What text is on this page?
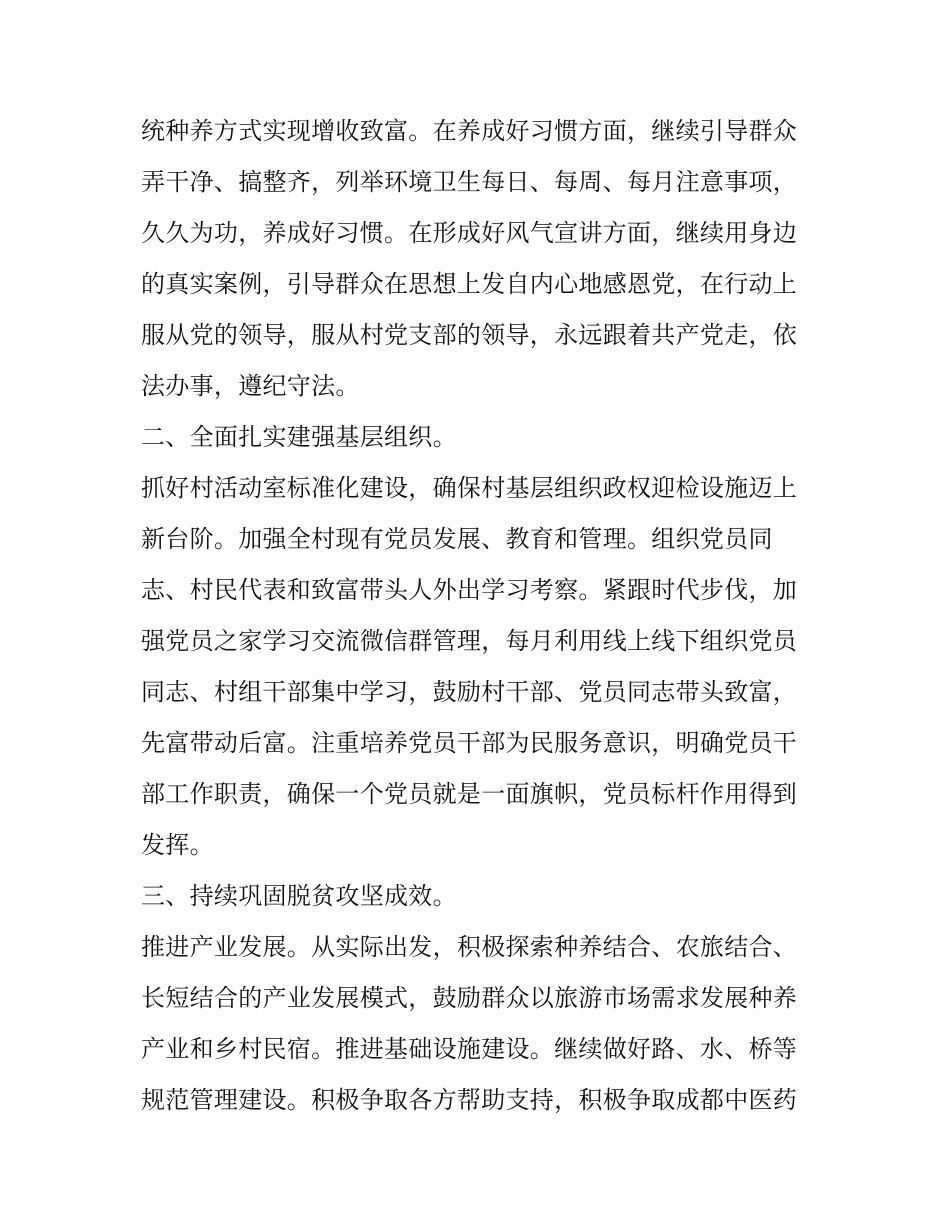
统种养方式实现增收致富。在养成好习惯方面，继续引导群众
弄干净、搞整齐，列举环境卫生每日、每周、每月注意事项，
久久为功，养成好习惯。在形成好风气宣讲方面，继续用身边
的真实案例，引导群众在思想上发自内心地感恩党，在行动上
服从党的领导，服从村党支部的领导，永远跟着共产党走，依
法办事，遵纪守法。
二、全面扎实建强基层组织。
抓好村活动室标准化建设，确保村基层组织政权迎检设施迈上
新台阶。加强全村现有党员发展、教育和管理。组织党员同
志、村民代表和致富带头人外出学习考察。紧跟时代步伐，加
强党员之家学习交流微信群管理，每月利用线上线下组织党员
同志、村组干部集中学习，鼓励村干部、党员同志带头致富，
先富带动后富。注重培养党员干部为民服务意识，明确党员干
部工作职责，确保一个党员就是一面旗帜，党员标杆作用得到
发挥。
三、持续巩固脱贫攻坚成效。
推进产业发展。从实际出发，积极探索种养结合、农旅结合、
长短结合的产业发展模式，鼓励群众以旅游市场需求发展种养
产业和乡村民宿。推进基础设施建设。继续做好路、水、桥等
规范管理建设。积极争取各方帮助支持，积极争取成都中医药
